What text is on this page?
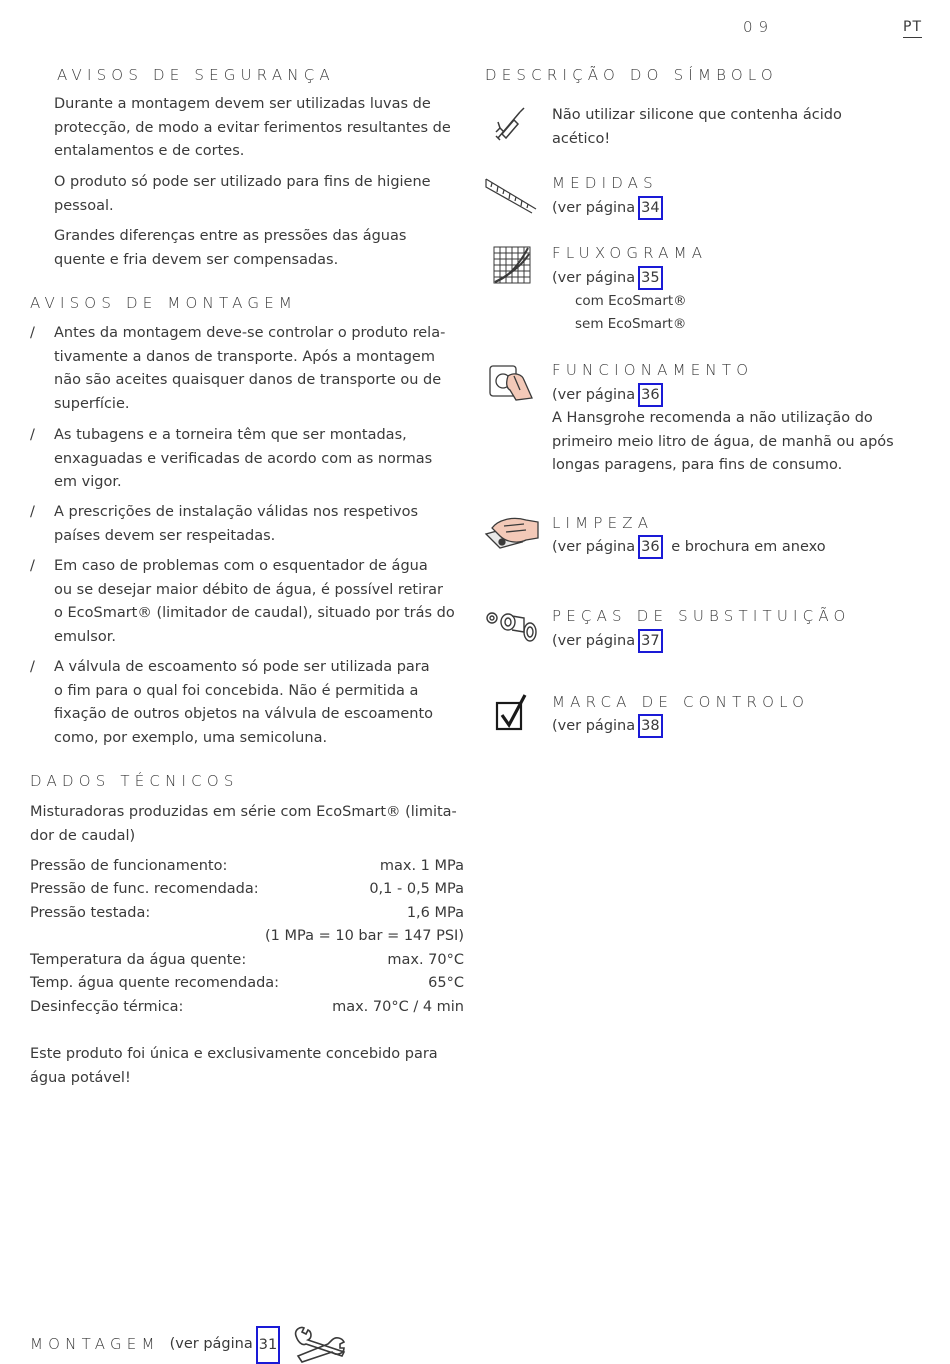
09	PT
AVISOS DE SEGURANÇA
Durante a montagem devem ser utilizadas luvas de
protecção, de modo a evitar ferimentos resultantes de
entalamentos e de cortes.
O produto só pode ser utilizado para fins de higiene
pessoal.
Grandes diferenças entre as pressões das águas
quente e fria devem ser compensadas.
AVISOS DE MONTAGEM
/ Antes da montagem deve-se controlar o produto rela-
tivamente a danos de transporte. Após a montagem
não são aceites quaisquer danos de transporte ou de
superfície.
/ As tubagens e a torneira têm que ser montadas,
enxaguadas e verificadas de acordo com as normas
em vigor.
/ A prescrições de instalação válidas nos respetivos
países devem ser respeitadas.
/ Em caso de problemas com o esquentador de água
ou se desejar maior débito de água, é possível retirar
o EcoSmart® (limitador de caudal), situado por trás do
emulsor.
/ A válvula de escoamento só pode ser utilizada para
o fim para o qual foi concebida. Não é permitida a
fixação de outros objetos na válvula de escoamento
como, por exemplo, uma semicoluna.
DADOS TÉCNICOS
Misturadoras produzidas em série com EcoSmart® (limita-
dor de caudal)
Pressão de funcionamento:	max. 1 MPa
Pressão de func. recomendada:	0,1 - 0,5 MPa
Pressão testada:	1,6 MPa
(1 MPa = 10 bar = 147 PSI)
Temperatura da água quente:	max. 70°C
Temp. água quente recomendada:	65°C
Desinfecção térmica:	max. 70°C / 4 min
Este produto foi única e exclusivamente concebido para
água potável!
DESCRIÇÃO DO SÍMBOLO
Não utilizar silicone que contenha ácido
acético!
MEDIDAS
(ver página 34
FLUXOGRAMA
(ver página 35
com EcoSmart®
sem EcoSmart®
FUNCIONAMENTO
(ver página 36
A Hansgrohe recomenda a não utilização do
primeiro meio litro de água, de manhã ou após
longas paragens, para fins de consumo.
LIMPEZA
(ver página 36 e brochura em anexo
PEÇAS DE SUBSTITUIÇÃO
(ver página 37
MARCA DE CONTROLO
(ver página 38
MONTAGEM (ver página 31
